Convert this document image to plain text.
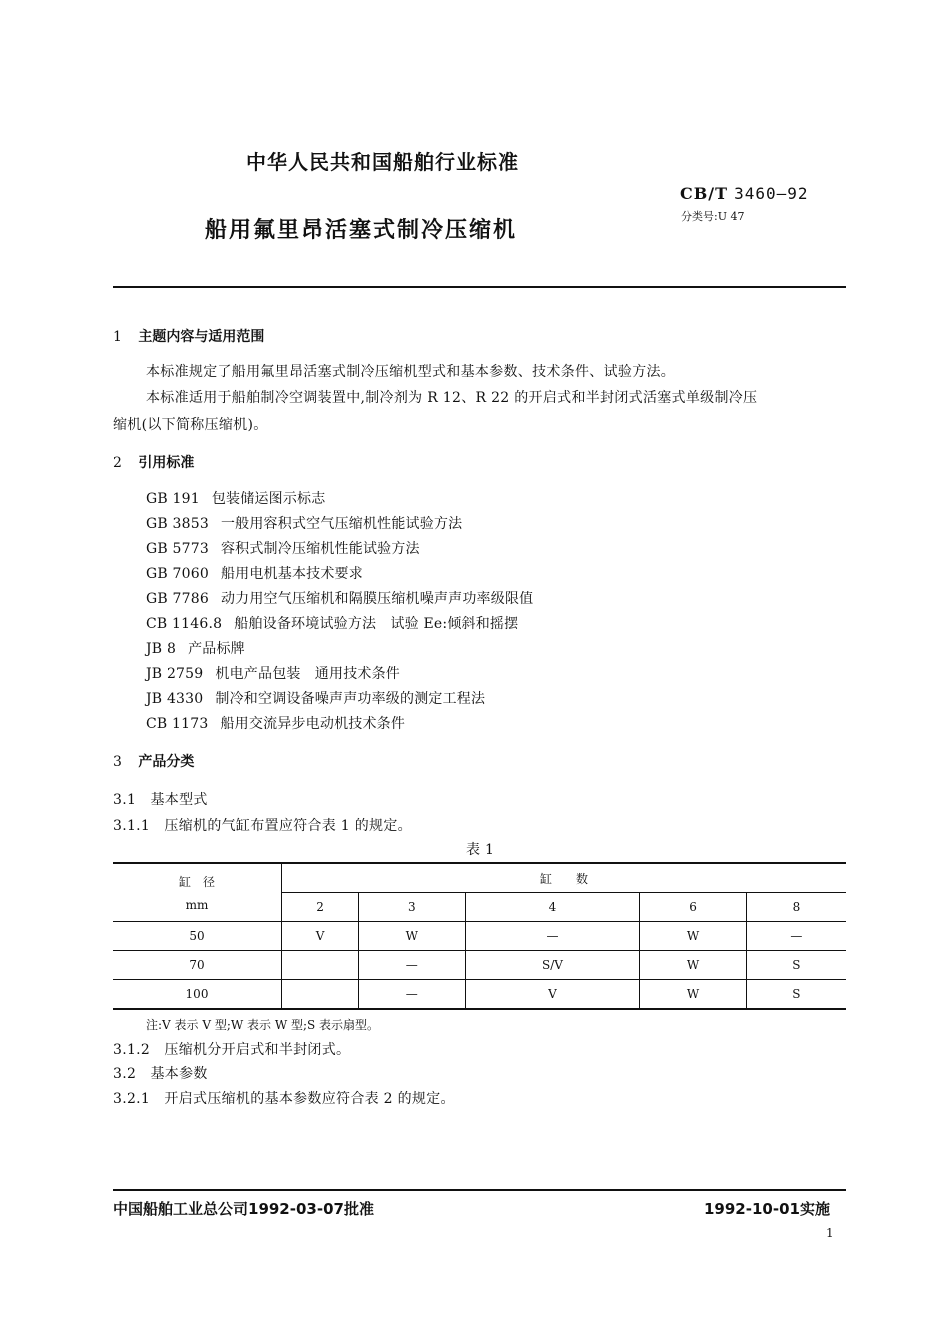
中华人民共和国船舶行业标准
船用氟里昂活塞式制冷压缩机
CB/T 3460—92
分类号:U 47
1 主题内容与适用范围
本标准规定了船用氟里昂活塞式制冷压缩机型式和基本参数、技术条件、试验方法。
本标准适用于船舶制冷空调装置中,制冷剂为 R 12、R 22 的开启式和半封闭式活塞式单级制冷压
缩机(以下简称压缩机)。
2 引用标准
GB 191 包装储运图示标志
GB 3853 一般用容积式空气压缩机性能试验方法
GB 5773 容积式制冷压缩机性能试验方法
GB 7060 船用电机基本技术要求
GB 7786 动力用空气压缩机和隔膜压缩机噪声声功率级限值
CB 1146.8 船舶设备环境试验方法　试验 Ee:倾斜和摇摆
JB 8 产品标牌
JB 2759 机电产品包装　通用技术条件
JB 4330 制冷和空调设备噪声声功率级的测定工程法
CB 1173 船用交流异步电动机技术条件
3 产品分类
3.1　基本型式
3.1.1　压缩机的气缸布置应符合表 1 的规定。
表 1
缸　径
mm	缸　　数				
	2	3	4	6	8
50	V	W	—	W	—
70		—	S/V	W	S
100		—	V	W	S
注:V 表示 V 型;W 表示 W 型;S 表示扇型。
3.1.2　压缩机分开启式和半封闭式。
3.2　基本参数
3.2.1　开启式压缩机的基本参数应符合表 2 的规定。
中国船舶工业总公司1992-03-07批准	1992-10-01实施
1
